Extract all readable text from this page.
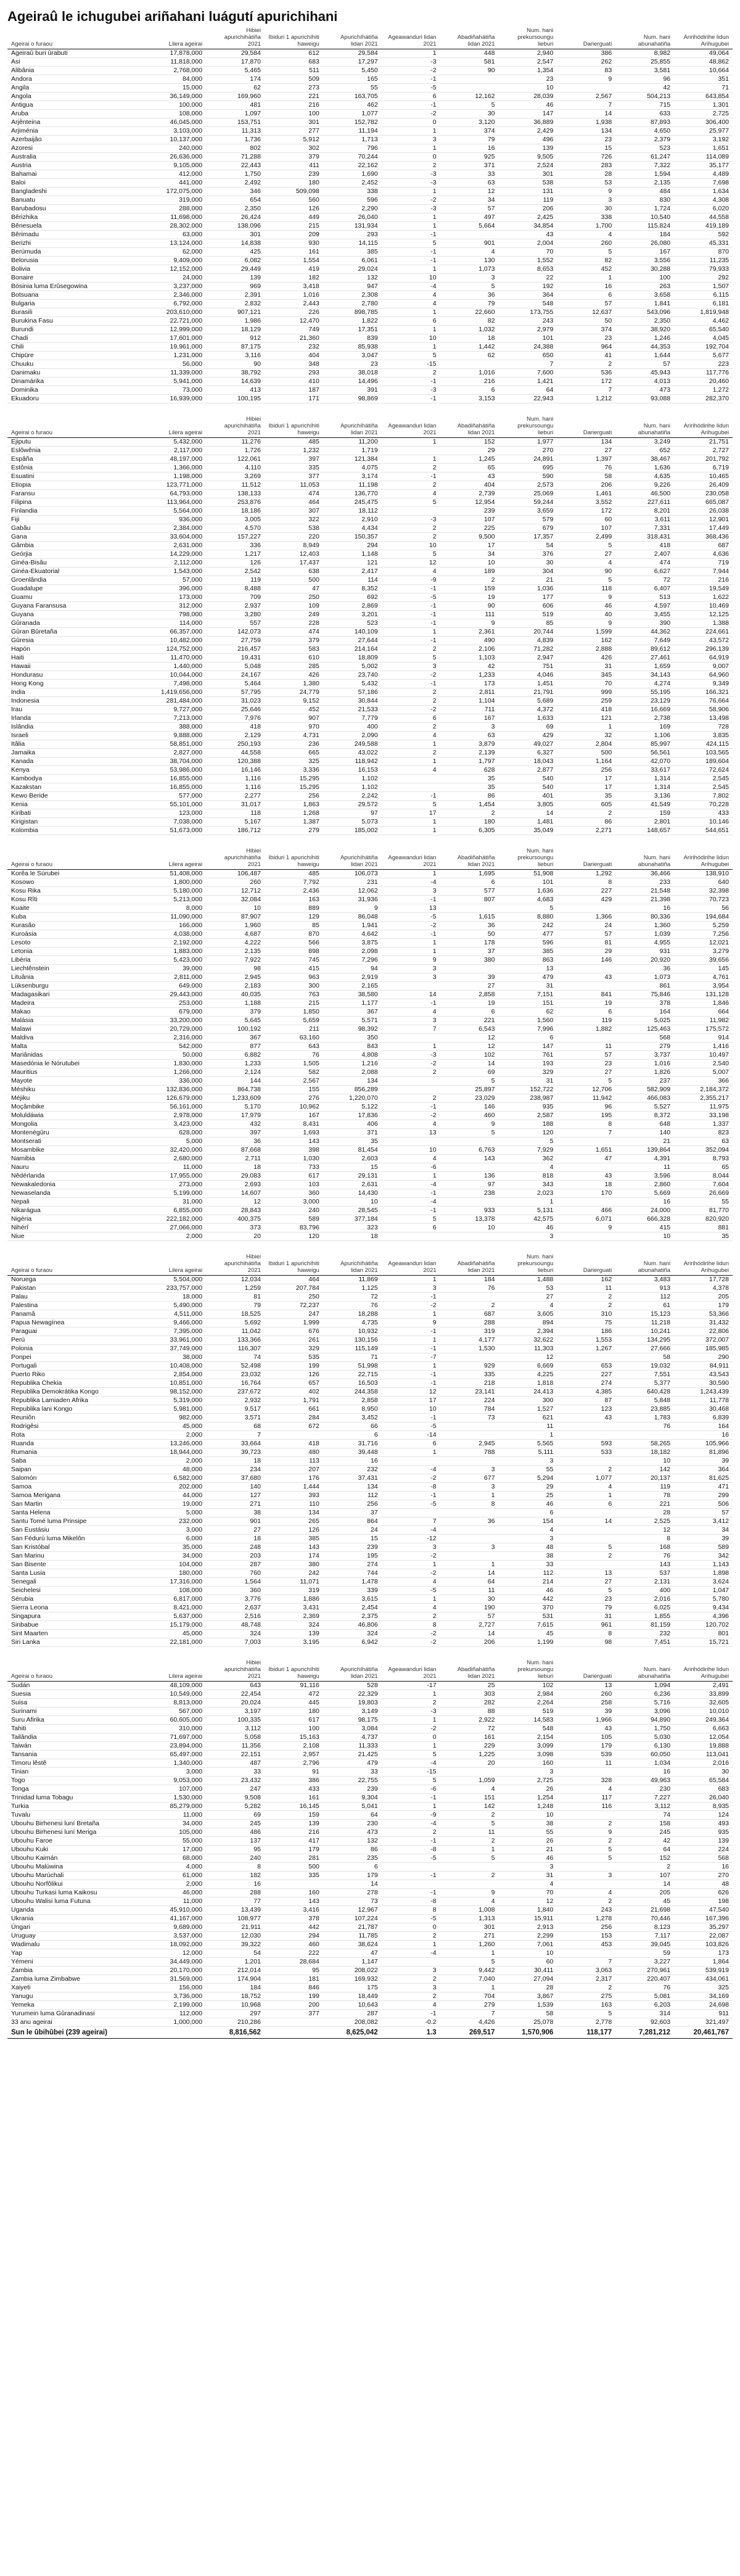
Ageiraû le ichugubei ariñahani luágutí apurichihani
Ageirai o furaou	Lilera ageirai	Hibiei apurichihátiña 2021	Ibiduri 1 apurichíhiti haweigu	Apurichíhátiña lidan 2021	Ageawanduri lidan 2021	Abadiñahátiña lidan 2021	Num. hani prekursoungu lieburi	Darierguati	Num. hani abunahatiña	Aririhódirihe lidun Arihugubei
Ageiraû buri ûrabuti	17,878,000	29,584	612	29,584	1	448	2,940	386	8,982	49,064
Asi	11,818,000	17,870	683	17,297	-3	581	2,547	262	25,855	48,862
Alibânia	2,768,000	5,465	511	5,450	-2	90	1,354	83	3,581	10,664
Andora	84,000	174	509	165	-1		23	9	96	351
Angila	15,000	62	273	55	-5		10		42	71
Angola	36,149,000	169,960	221	163,705	6	12,162	28,039	2,567	504,213	643,854
Antigua	100,000	481	216	462	-1	5	46	7	715	1,301
Aruba	108,000	1,097	100	1,077	-2	30	147	14	633	2,725
Arjênteina	46,045,000	153,751	301	152,782	0	3,120	36,889	1,938	87,893	306,400
Arjiménia	3,103,000	11,313	277	11,194	1	374	2,429	134	4,650	25,977
Azerbaijâo	10,137,000	1,736	5,912	1,713	3	79	496	23	2,379	3,192
Azoresi	240,000	802	302	796	1	16	139	15	523	1,651
Australia	26,636,000	71,288	379	70,244	0	925	9,505	726	61,247	114,089
Austria	9,105,000	22,443	411	22,162	2	371	2,524	283	7,322	35,177
Bahamai	412,000	1,750	239	1,690	-3	33	301	28	1,594	4,489
Baloi	441,000	2,492	180	2,452	-3	63	538	53	2,135	7,698
Bangladeshi	172,075,000	346	509,098	338	1	12	131	9	484	1,634
Banuatu	319,000	654	560	596	-2	34	119	3	830	4,308
Barubadosu	288,000	2,350	126	2,290	-3	57	206	30	1,724	6,020
Bêrizhika	11,698,000	26,424	449	26,040	1	497	2,425	338	10,540	44,558
Bênesuela	28,302,000	138,096	215	131,934	1	5,664	34,854	1,700	115,824	419,189
Bêrimadu	63,000	301	209	293	-1		43	4	184	592
Berizhi	13,124,000	14,838	930	14,115	5	901	2,004	260	26,080	45,331
Berúmuda	62,000	425	161	385	-1	4	70	5	167	870
Belorusia	9,409,000	6,082	1,554	6,061	-1	130	1,552	82	3,556	11,235
Bolivia	12,152,000	29,449	419	29,024	1	1,073	8,653	452	30,288	79,933
Bonaire	24,000	139	182	132	10	3	22	1	100	292
Bósinia luma Erûsegowina	3,237,000	969	3,418	947	-4	5	192	16	263	1,507
Botsuana	2,346,000	2,391	1,016	2,308	4	36	364	6	3,658	6,115
Bulgaria	6,792,000	2,832	2,443	2,780	4	79	548	57	1,841	6,181
Burasili	203,610,000	907,121	226	898,785	1	22,660	173,755	12,637	543,096	1,819,948
Burukina Fasu	22,721,000	1,986	12,470	1,822	6	82	243	50	2,350	4,462
Burundi	12,999,000	18,129	749	17,351	1	1,032	2,979	374	38,920	65,540
Chadi	17,601,000	912	21,360	839	10	18	101	23	1,246	4,045
Chili	19,961,000	87,175	232	85,938	1	1,442	24,388	964	44,353	192,704
Chipüre	1,231,000	3,116	404	3,047	5	62	650	41	1,644	5,677
Chuuku	56,000	90	348	23	-15		7	2	57	223
Danimaku	11,339,000	38,792	293	38,018	2	1,016	7,600	536	45,943	117,776
Dinamárika	5,941,000	14,639	410	14,496	-1	216	1,421	172	4,013	20,460
Dominika	73,000	413	187	391	-3	6	64	7	473	1,272
Ekuadoru	16,939,000	100,195	171	98,869	-1	3,153	22,943	1,212	93,088	282,370
Ageirai o furaou	Lilera ageirai	Hibiei apurichihátiña 2021	Ibiduri 1 apurichíhiti haweigu	Apurichíhátiña lidan 2021	Ageawanduri lidan 2021	Abadiñahátiña lidan 2021	Num. hani prekursoungu lieburi	Darierguati	Num. hani abunahatiña	Aririhódirihe lidun Arihugubei
Ejiputu	5,432,000	11,276	485	11,200	1	152	1,977	134	3,249	21,751
Eslôwênia	2,117,000	1,726	1,232	1,719		29	270	27	652	2,727
Espâña	48,197,000	122,061	397	121,384	1	1,245	24,891	1,397	38,467	201,792
Estônia	1,366,000	4,110	335	4,075	2	65	695	76	1,636	6,719
Esuatini	1,198,000	3,269	377	3,174	-1	43	590	58	4,635	10,465
Etiopia	123,771,000	11,512	11,053	11,198	2	404	2,573	206	9,226	26,409
Faransu	64,793,000	138,133	474	136,770	4	2,739	25,069	1,461	46,500	230,058
Filipina	113,964,000	253,876	464	245,475	5	12,954	59,244	3,552	227,611	665,087
Finlandia	5,564,000	18,186	307	18,112		239	3,659	172	8,201	26,038
Fiji	936,000	3,005	322	2,910	-3	107	579	60	3,611	12,901
Gabãu	2,384,000	4,570	538	4,434	2	225	679	107	7,331	17,449
Gana	33,604,000	157,227	220	150,357	2	9,500	17,357	2,499	318,431	368,436
Gâmbia	2,631,000	336	8,949	294	10	17	54	5	418	687
Geórjia	14,229,000	1,217	12,403	1,148	5	34	376	27	2,407	4,636
Ginéa-Bisâu	2,112,000	126	17,437	121	12	10	30	4	474	719
Ginéa-Ekuatorial	1,543,000	2,542	638	2,417	4	189	304	90	6,627	7,944
Groenlândia	57,000	119	500	114	-9	2	21	5	72	216
Guadalupe	396,000	8,488	47	8,352	-1	159	1,036	118	6,407	19,549
Guamu	173,000	709	250	692	-5	19	177	9	513	1,622
Guyana Faransusa	312,000	2,937	109	2,869	-1	90	606	46	4,597	10,469
Guyana	798,000	3,280	249	3,201	-1	111	519	40	3,455	12,125
Gûranada	114,000	557	228	523	-1	9	85	9	390	1,388
Gûran Bûretaña	66,357,000	142,073	474	140,109	1	2,361	20,744	1,599	44,362	224,661
Gûresia	10,482,000	27,759	379	27,644	-1	490	4,839	162	7,649	43,572
Hapón	124,752,000	216,457	583	214,164	2	2,106	71,282	2,888	89,612	296,139
Haiti	11,470,000	19,431	610	18,809	5	1,103	2,947	426	27,461	64,919
Hawaii	1,440,000	5,048	285	5,002	3	42	751	31	1,659	9,007
Hondurasu	10,044,000	24,167	426	23,740	-2	1,233	4,046	345	34,143	64,960
Hong Kong	7,498,000	5,464	1,380	5,432	-1	173	1,451	70	4,274	9,349
India	1,419,656,000	57,795	24,779	57,186	2	2,811	21,791	999	55,195	166,321
Indonesia	281,484,000	31,023	9,152	30,844	2	1,104	5,689	259	23,129	76,664
Irau	9,727,000	25,646	452	21,533	-2	711	4,372	418	16,669	58,906
Irlanda	7,213,000	7,976	907	7,779	6	167	1,633	121	2,738	13,498
Islândia	388,000	418	970	400	2	3	69	1	169	728
Israeli	9,888,000	2,129	4,731	2,090	4	63	429	32	1,106	3,835
Itâlia	58,851,000	250,193	236	249,588	1	3,879	49,027	2,804	85,997	424,115
Jamaika	2,827,000	44,558	665	43,022	2	2,139	6,327	500	56,561	103,565
Kanada	38,704,000	120,388	325	118,942	1	1,797	18,043	1,164	42,070	189,604
Kenya	53,986,000	16,146	3,336	16,153	4	628	2,877	256	33,617	72,624
Kambodya	16,855,000	1,116	15,295	1,102		35	540	17	1,314	2,545
Kazakstan	16,855,000	1,116	15,295	1,102		35	540	17	1,314	2,545
Kewo Beride	577,000	2,277	256	2,242	-1	86	401	35	3,136	7,802
Kenia	55,101,000	31,017	1,863	29,572	5	1,454	3,805	605	41,549	70,228
Kiribati	123,000	118	1,268	97	17	2	14	2	159	433
Kirigistan	7,038,000	5,167	1,387	5,073	1	180	1,481	86	2,801	10,146
Kolombia	51,673,000	186,712	279	185,002	1	6,305	35,049	2,271	148,657	544,651
Ageirai o furaou	Lilera ageirai	Hibiei apurichihátiña 2021	Ibiduri 1 apurichíhiti haweigu	Apurichíhátiña lidan 2021	Ageawanduri lidan 2021	Abadiñahátiña lidan 2021	Num. hani prekursoungu lieburi	Darierguati	Num. hani abunahatiña	Aririhódirihe lidun Arihugubei
Korêa le Súrubei	51,408,000	106,487	485	106,073	1	1,695	51,908	1,292	36,466	138,910
Kosowo	1,800,000	260	7,792	231	-4	6	101	8	233	640
Kosu Rika	5,180,000	12,712	2,436	12,062	3	577	1,636	227	21,548	32,398
Kosu Rîti	5,213,000	32,084	163	31,936	-1	807	4,683	429	21,398	70,723
Kuaite	8,000	10	889	9	13		5		16	56
Kuba	11,090,000	87,907	129	86,048	-5	1,615	8,880	1,366	80,336	194,684
Kurasão	166,000	1,960	85	1,941	-2	36	242	24	1,360	5,259
Kuroásia	4,038,000	4,687	870	4,642	-1	50	477	57	1,039	7,256
Lesoto	2,192,000	4,222	566	3,875	1	178	596	81	4,955	12,021
Letonia	1,883,000	2,135	898	2,098	1	37	385	29	931	3,279
Libéria	5,423,000	7,922	745	7,296	9	380	863	146	20,920	39,656
Liechtênstein	39,000	98	415	94	3		13		36	145
Lituânia	2,811,000	2,945	963	2,919	3	39	479	43	1,073	4,761
Lüksenburgu	649,000	2,183	300	2,165		27	31		861	3,954
Madagasikari	29,443,000	40,035	763	38,580	14	2,858	7,151	841	75,846	131,128
Madeira	253,000	1,188	215	1,177	-1	19	151	19	378	1,846
Makao	679,000	379	1,850	367	4	6	62	6	164	664
Malásia	33,200,000	5,645	5,659	5,571	3	221	1,560	119	5,025	11,982
Malawi	20,729,000	100,192	211	98,392	7	6,543	7,996	1,882	125,463	175,572
Maldiva	2,316,000	367	63,160	350		12	6		568	914
Malta	542,000	877	643	843	1	12	147	11	279	1,416
Mariânidas	50,000	6,882	76	4,808	-3	102	761	57	3,737	10,497
Masedónia le Nórutubei	1,830,000	1,233	1,505	1,216	-2	14	193	23	1,016	2,540
Mauritius	1,266,000	2,124	582	2,088	2	69	329	27	1,826	5,007
Mayote	336,000	144	2,567	134		5	31	5	237	366
Méshiku	132,836,000	864,738	155	856,289		25,897	152,722	12,706	582,909	2,184,372
Méjiku	126,679,000	1,233,609	276	1,220,070	2	23,029	238,987	11,942	466,083	2,355,217
Moçâmbike	56,161,000	5,170	10,962	5,122	-1	146	935	96	5,527	11,975
Moluldáwia	2,978,000	17,979	167	17,836	-2	460	2,587	195	8,372	33,198
Mongolia	3,423,000	432	8,431	406	4	9	188	8	648	1,337
Montenégûru	628,000	397	1,693	371	13	5	120	7	140	823
Montserati	5,000	36	143	35			5		21	63
Mosambike	32,420,000	87,668	398	81,454	10	6,763	7,929	1,651	139,864	352,094
Namibia	2,680,000	2,711	1,030	2,603	4	143	362	47	4,391	8,793
Nauru	11,000	18	733	15	-6		4		11	65
Nêdérlanda	17,955,000	29,083	617	29,131	1	136	818	43	3,596	8,044
Newakaledonia	273,000	2,693	103	2,631	-4	97	343	18	2,860	7,604
Newaselanda	5,199,000	14,607	360	14,430	-1	238	2,023	170	5,669	26,669
Nepali	31,000	12	3,000	10	-4		1		16	55
Nikarágua	6,855,000	28,843	240	28,545	-1	933	5,131	466	24,000	81,770
Nigéria	222,182,000	400,375	589	377,184	5	13,378	42,575	6,071	666,328	820,920
Nihérî	27,066,000	373	83,796	323	6	10	46	9	415	881
Niue	2,000	20	120	18			3		10	35
Ageirai o furaou	Lilera ageirai	Hibiei apurichihátiña 2021	Ibiduri 1 apurichíhiti haweigu	Apurichíhátiña lidan 2021	Ageawanduri lidan 2021	Abadiñahátiña lidan 2021	Num. hani prekursoungu lieburi	Darierguati	Num. hani abunahatiña	Aririhódirihe lidun Arihugubei
Noruega	5,504,000	12,034	464	11,869	1	184	1,488	162	3,483	17,728
Pakistan	233,757,000	1,259	207,784	1,125	3	76	53	11	913	4,378
Palau	18,000	81	250	72	-1		27	2	112	205
Palestina	5,490,000	79	72,237	76	-2	2	4	2	61	179
Panamâ	4,511,000	18,525	247	18,288	1	687	3,605	310	15,123	53,366
Papua Newagínea	9,466,000	5,692	1,999	4,735	9	288	894	75	11,218	31,432
Paraguai	7,395,000	11,042	676	10,932	-1	319	2,394	186	10,241	22,806
Perú	33,961,000	133,366	261	130,156	1	4,177	32,622	1,553	134,295	372,007
Polonia	37,749,000	116,307	329	115,149	-1	1,530	11,303	1,267	27,666	185,985
Ponpei	38,000	74	535	71	-7		12		58	290
Portugali	10,408,000	52,498	199	51,998	1	929	6,669	653	19,032	84,911
Puerto Riko	2,854,000	23,032	126	22,715	-1	335	4,225	227	7,551	43,543
Republika Chekia	10,851,000	16,764	657	16,503	-1	218	1,818	274	5,377	30,590
Republika Demokrátika Kongo	98,152,000	237,672	402	244,358	12	23,141	24,413	4,385	640,428	1,243,439
Republika Lamiaden Afrika	5,319,000	2,932	1,791	2,858	17	224	300	87	5,848	11,778
Republika lani Kongo	5,981,000	9,517	661	8,950	10	784	1,527	123	23,885	30,468
Reuniôn	982,000	3,571	284	3,452	-1	73	621	43	1,783	6,839
Rodrigêsi	45,000	68	672	66	-5		11		76	164
Rota	2,000	7		6	-14		1			16
Ruanda	13,246,000	33,664	418	31,716	6	2,945	5,565	593	58,265	105,966
Rumania	18,944,000	39,723	480	39,448	1	788	5,111	533	18,182	81,896
Saba	2,000	18	113	16			3		10	39
Saipan	48,000	234	207	232	-4	3	55	2	142	364
Salomón	6,582,000	37,680	176	37,431	-2	677	5,294	1,077	20,137	81,625
Samoa	202,000	140	1,444	134	-8	3	29	4	119	471
Samoa Merigana	44,000	127	393	112	-1	1	25	1	78	299
San Martin	19,000	271	110	256	-5	8	46	6	221	506
Santa Helena	5,000	38	134	37			6		28	57
Santu Tomé luma Prinsipe	232,000	901	265	864	7	36	154	14	2,525	3,412
San Eustásiu	3,000	27	126	24	-4		4		12	34
San Fédurú luma Mikelôn	6,000	18	385	15	-12		3		8	39
San Kristóbal	35,000	248	143	239	3	3	48	5	168	589
San Marinu	34,000	203	174	195	-2		38	2	76	342
San Bisente	104,000	287	380	274	1	1	33		143	1,143
Santa Lusia	180,000	760	242	744	-2	14	112	13	537	1,898
Senegali	17,316,000	1,564	11,071	1,478	4	64	214	27	2,131	3,624
Seichelesi	108,000	360	319	339	-5	11	46	5	400	1,047
Sérubia	6,817,000	3,776	1,886	3,615	1	30	442	23	2,016	5,780
Sierra Leona	8,421,000	2,637	3,431	2,454	4	190	370	79	6,025	9,434
Singapura	5,637,000	2,516	2,369	2,375	2	57	531	31	1,855	4,396
Sinbabue	15,179,000	48,748	324	46,806	8	2,727	7,615	961	81,159	120,702
Sint Maarten	45,000	324	139	324	-2	14	45	8	232	801
Siri Lanka	22,181,000	7,003	3,195	6,942	-2	206	1,199	98	7,451	15,721
Ageirai o furaou	Lilera ageirai	Hibiei apurichihátiña 2021	Ibiduri 1 apurichíhiti haweigu	Apurichíhátiña lidan 2021	Ageawanduri lidan 2021	Abadiñahátiña lidan 2021	Num. hani prekursoungu lieburi	Darierguati	Num. hani abunahatiña	Aririhódirihe lidun Arihugubei
Sudán	48,109,000	643	91,116	528	-17	25	102	13	1,094	2,491
Suesia	10,549,000	22,454	472	22,329	1	303	2,984	260	6,236	33,899
Suisa	8,813,000	20,024	445	19,803	2	282	2,264	258	5,716	32,605
Surinami	567,000	3,197	180	3,149	-3	88	519	39	3,096	10,010
Suru Afirika	60,605,000	100,335	617	98,175	1	2,922	14,583	1,966	94,890	249,364
Tahiti	310,000	3,112	100	3,084	-2	72	548	43	1,750	6,663
Tailândia	71,697,000	5,058	15,163	4,737	0	161	2,154	105	5,030	12,054
Taiwán	23,894,000	11,356	2,108	11,333	1	229	3,099	179	6,130	19,888
Tansania	65,497,000	22,151	2,957	21,425	5	1,225	3,098	539	60,050	113,041
Timoru lêstê	1,340,000	487	2,796	479	-4	20	160	11	1,034	2,016
Tinian	3,000	33	91	33	-15		3		16	30
Togo	9,053,000	23,432	386	22,755	5	1,059	2,725	328	49,963	65,584
Tonga	107,000	247	433	239	-6	4	26	4	230	683
Trinidad luma Tobagu	1,530,000	9,508	161	9,304	-1	151	1,254	117	7,227	26,040
Turkia	85,279,000	5,282	16,145	5,041	1	142	1,248	116	3,112	8,935
Tuvalu	11,000	69	159	64	-9	2	10		74	124
Ubouhu Birhenesi luní Bretaña	34,000	245	139	230	-4	5	38	2	158	493
Ubouhu Birhenesi luní Meriga	105,000	486	216	473	2	11	55	9	245	935
Ubouhu Faroe	55,000	137	417	132	-1	2	26	2	42	139
Ubouhu Kuki	17,000	95	179	86	-8	1	21	5	64	224
Ubouhu Kaimán	68,000	240	281	235	-5	5	46	5	152	568
Ubouhu Malúwina	4,000	8	500	6			3		2	16
Ubouhu Marúchali	61,000	182	335	179	-1	2	31	3	107	270
Ubouhu Norfôlikui	2,000	16		14			4		14	48
Ubouhu Turkasi luma Kaikosu	46,000	288	160	278	-1	9	70	4	205	626
Ubouhu Walisi luma Futuna	11,000	77	143	73	-8	4	12	2	45	198
Uganda	45,910,000	13,439	3,416	12,967	8	1,008	1,840	243	21,698	47,540
Ukrania	41,167,000	108,977	378	107,224	-5	1,313	15,911	1,278	70,446	167,396
Úngari	9,689,000	21,911	442	21,787	0	301	2,913	256	8,123	35,297
Uruguay	3,537,000	12,030	294	11,785	2	271	2,299	153	7,117	22,087
Wadimalu	18,092,000	39,322	460	38,624	1	1,260	7,061	453	39,045	103,826
Yap	12,000	54	222	47	-4	1	10		59	173
Yémeni	34,449,000	1,201	28,684	1,147		5	60	7	3,227	1,864
Zambia	20,170,000	212,014	95	208,022	3	9,442	30,411	3,063	270,961	539,919
Zambia luma Zimbabwe	31,569,000	174,904	181	169,932	2	7,040	27,094	2,317	220,407	434,061
Xaiyeti	156,000	184	846	175	3	1	28	2	76	325
Yanugu	3,736,000	18,752	199	18,449	2	704	3,867	275	5,081	34,169
Yemeka	2,199,000	10,968	200	10,643	4	279	1,539	163	6,203	24,698
Yurumein luma Gûranadinasi	112,000	297	377	287	-1	7	58	5	314	911
33 anu ageirai	1,000,000	210,286		208,082	-0.2	4,426	25,078	2,778	92,603	321,497
Sun le ûbihûbei (239 ageirai)		8,816,562		8,625,042	1.3	269,517	1,570,906	118,177	7,281,212	20,461,767
